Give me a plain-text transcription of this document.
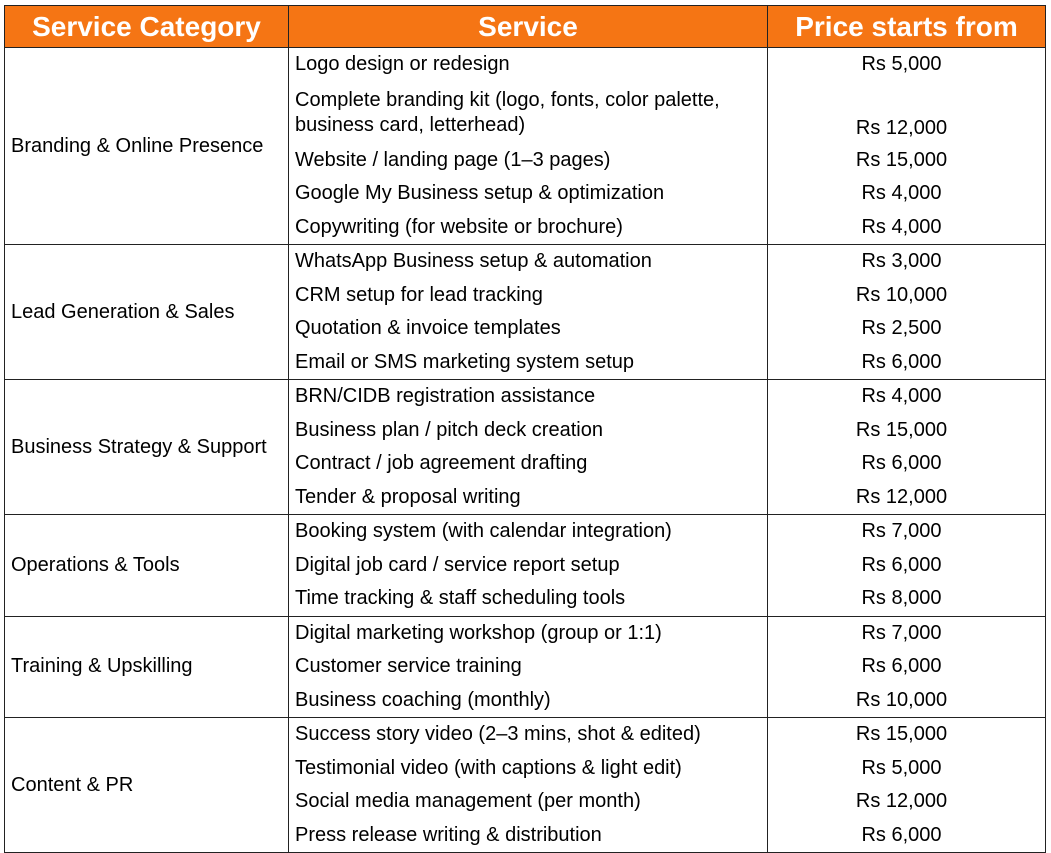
Service Category	Service	Price starts from
Branding & Online Presence	Logo design or redesign	Rs 5,000
	Complete branding kit (logo, fonts, color palette, business card, letterhead)	Rs 12,000
	Website / landing page (1–3 pages)	Rs 15,000
	Google My Business setup & optimization	Rs 4,000
	Copywriting (for website or brochure)	Rs 4,000
Lead Generation & Sales	WhatsApp Business setup & automation	Rs 3,000
	CRM setup for lead tracking	Rs 10,000
	Quotation & invoice templates	Rs 2,500
	Email or SMS marketing system setup	Rs 6,000
Business Strategy & Support	BRN/CIDB registration assistance	Rs 4,000
	Business plan / pitch deck creation	Rs 15,000
	Contract / job agreement drafting	Rs 6,000
	Tender & proposal writing	Rs 12,000
Operations & Tools	Booking system (with calendar integration)	Rs 7,000
	Digital job card / service report setup	Rs 6,000
	Time tracking & staff scheduling tools	Rs 8,000
Training & Upskilling	Digital marketing workshop (group or 1:1)	Rs 7,000
	Customer service training	Rs 6,000
	Business coaching (monthly)	Rs 10,000
Content & PR	Success story video (2–3 mins, shot & edited)	Rs 15,000
	Testimonial video (with captions & light edit)	Rs 5,000
	Social media management (per month)	Rs 12,000
	Press release writing & distribution	Rs 6,000
